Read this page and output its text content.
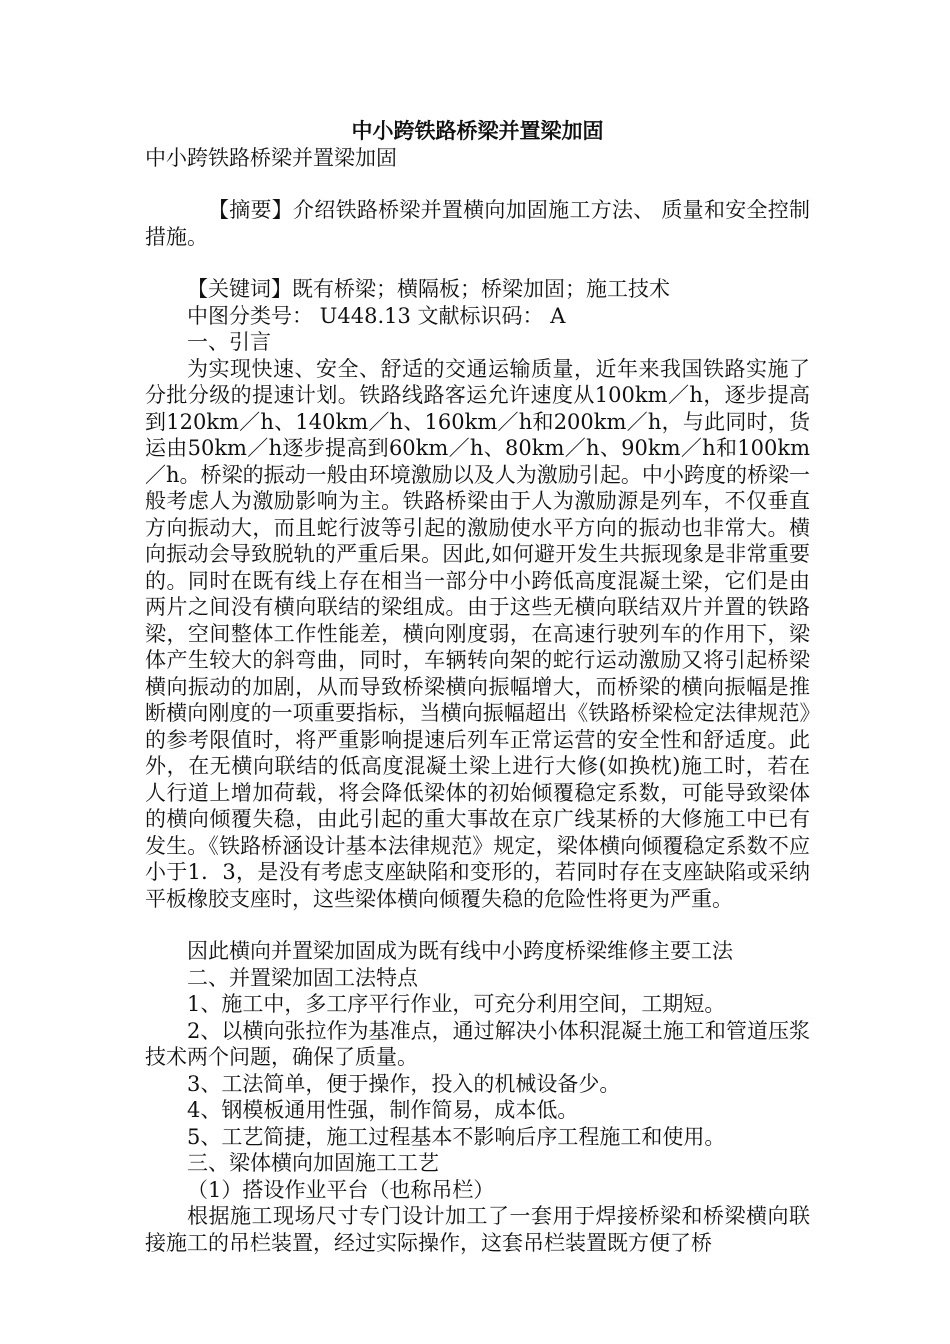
中小跨铁路桥梁并置梁加固

中小跨铁路桥梁并置梁加固

【摘要】介绍铁路桥梁并置横向加固施工方法、 质量和安全控制措施。

【关键词】既有桥梁；横隔板；桥梁加固；施工技术

中图分类号： U448.13 文献标识码： A

一、引言

为实现快速、安全、舒适的交通运输质量，近年来我国铁路实施了分批分级的提速计划。铁路线路客运允许速度从100km／h，逐步提高到120km／h、140km／h、160km／h和200km／h，与此同时，货运由50km／h逐步提高到60km／h、80km／h、90km／h和100km／h。桥梁的振动一般由环境激励以及人为激励引起。中小跨度的桥梁一般考虑人为激励影响为主。铁路桥梁由于人为激励源是列车，不仅垂直方向振动大，而且蛇行波等引起的激励使水平方向的振动也非常大。横向振动会导致脱轨的严重后果。因此,如何避开发生共振现象是非常重要的。同时在既有线上存在相当一部分中小跨低高度混凝土梁，它们是由两片之间没有横向联结的梁组成。由于这些无横向联结双片并置的铁路梁，空间整体工作性能差，横向刚度弱，在高速行驶列车的作用下，梁体产生较大的斜弯曲，同时，车辆转向架的蛇行运动激励又将引起桥梁横向振动的加剧，从而导致桥梁横向振幅增大，而桥梁的横向振幅是推断横向刚度的一项重要指标，当横向振幅超出《铁路桥梁检定法律规范》的参考限值时，将严重影响提速后列车正常运营的安全性和舒适度。此外，在无横向联结的低高度混凝土梁上进行大修(如换枕)施工时，若在人行道上增加荷载，将会降低梁体的初始倾覆稳定系数，可能导致梁体的横向倾覆失稳，由此引起的重大事故在京广线某桥的大修施工中已有发生。《铁路桥涵设计基本法律规范》规定，梁体横向倾覆稳定系数不应小于1．3，是没有考虑支座缺陷和变形的，若同时存在支座缺陷或采纳平板橡胶支座时，这些梁体横向倾覆失稳的危险性将更为严重。

因此横向并置梁加固成为既有线中小跨度桥梁维修主要工法

二、并置梁加固工法特点

1、施工中，多工序平行作业，可充分利用空间，工期短。

2、以横向张拉作为基准点，通过解决小体积混凝土施工和管道压浆技术两个问题，确保了质量。

3、工法简单，便于操作，投入的机械设备少。

4、钢模板通用性强，制作简易，成本低。

5、工艺简捷，施工过程基本不影响后序工程施工和使用。

三、梁体横向加固施工工艺

（1）搭设作业平台（也称吊栏）

根据施工现场尺寸专门设计加工了一套用于焊接桥梁和桥梁横向联接施工的吊栏装置，经过实际操作，这套吊栏装置既方便了桥
